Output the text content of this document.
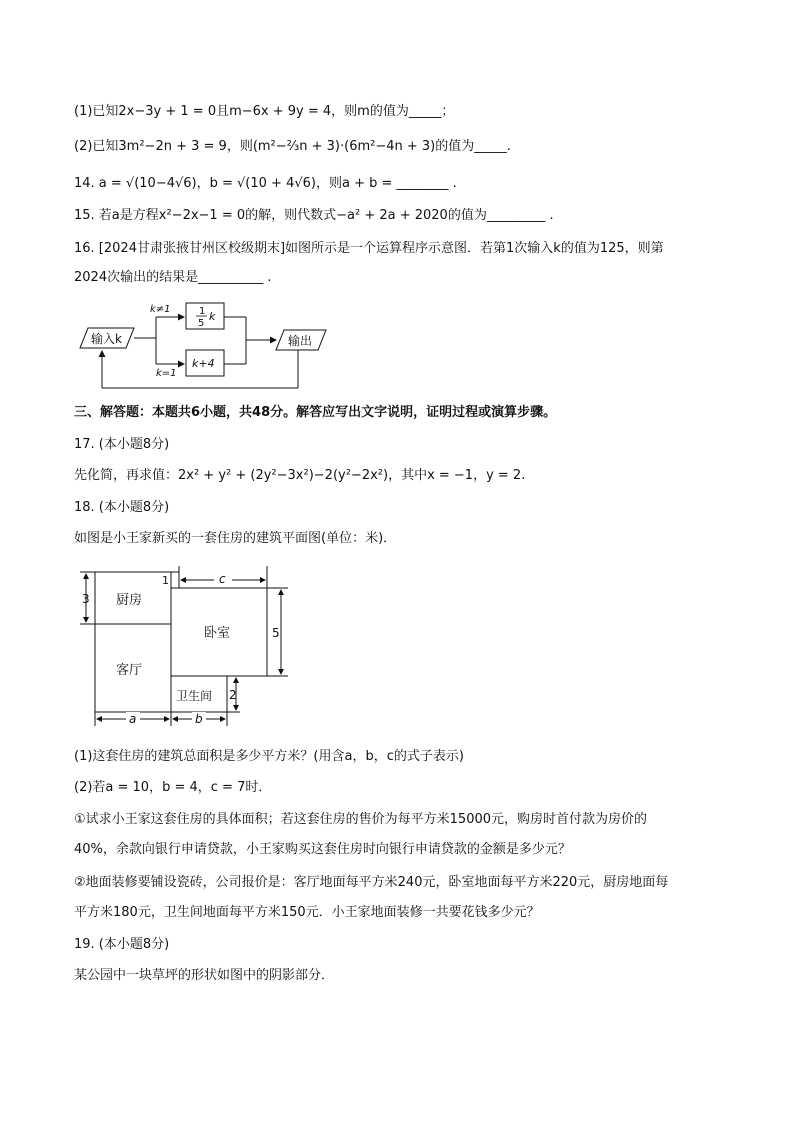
(1)已知2x−3y + 1 = 0且m−6x + 9y = 4，则m的值为_____；
(2)已知3m²−2n + 3 = 9，则(m²−⅔n + 3)·(6m²−4n + 3)的值为_____.
14. a = √(10−4√6)，b = √(10 + 4√6)，则a + b = ________ .
15. 若a是方程x²−2x−1 = 0的解，则代数式−a² + 2a + 2020的值为_________ .
16. [2024甘肃张掖甘州区校级期末]如图所示是一个运算程序示意图．若第1次输入k的值为125，则第
2024次输出的结果是__________ .
输入k
k≠1
k=1
1
5
k
k+4
输出
三、解答题：本题共6小题，共48分。解答应写出文字说明，证明过程或演算步骤。
17. (本小题8分)
先化简，再求值：2x² + y² + (2y²−3x²)−2(y²−2x²)，其中x = −1，y = 2.
18. (本小题8分)
如图是小王家新买的一套住房的建筑平面图(单位：米)．
厨房
客厅
卧室
卫生间
3
1	c
5
2
a	b
(1)这套住房的建筑总面积是多少平方米？(用含a，b，c的式子表示)
(2)若a = 10，b = 4，c = 7时．
①试求小王家这套住房的具体面积；若这套住房的售价为每平方米15000元，购房时首付款为房价的
40%，余款向银行申请贷款，小王家购买这套住房时向银行申请贷款的金额是多少元？
②地面装修要铺设瓷砖，公司报价是：客厅地面每平方米240元，卧室地面每平方米220元，厨房地面每
平方米180元，卫生间地面每平方米150元．小王家地面装修一共要花钱多少元？
19. (本小题8分)
某公园中一块草坪的形状如图中的阴影部分．
